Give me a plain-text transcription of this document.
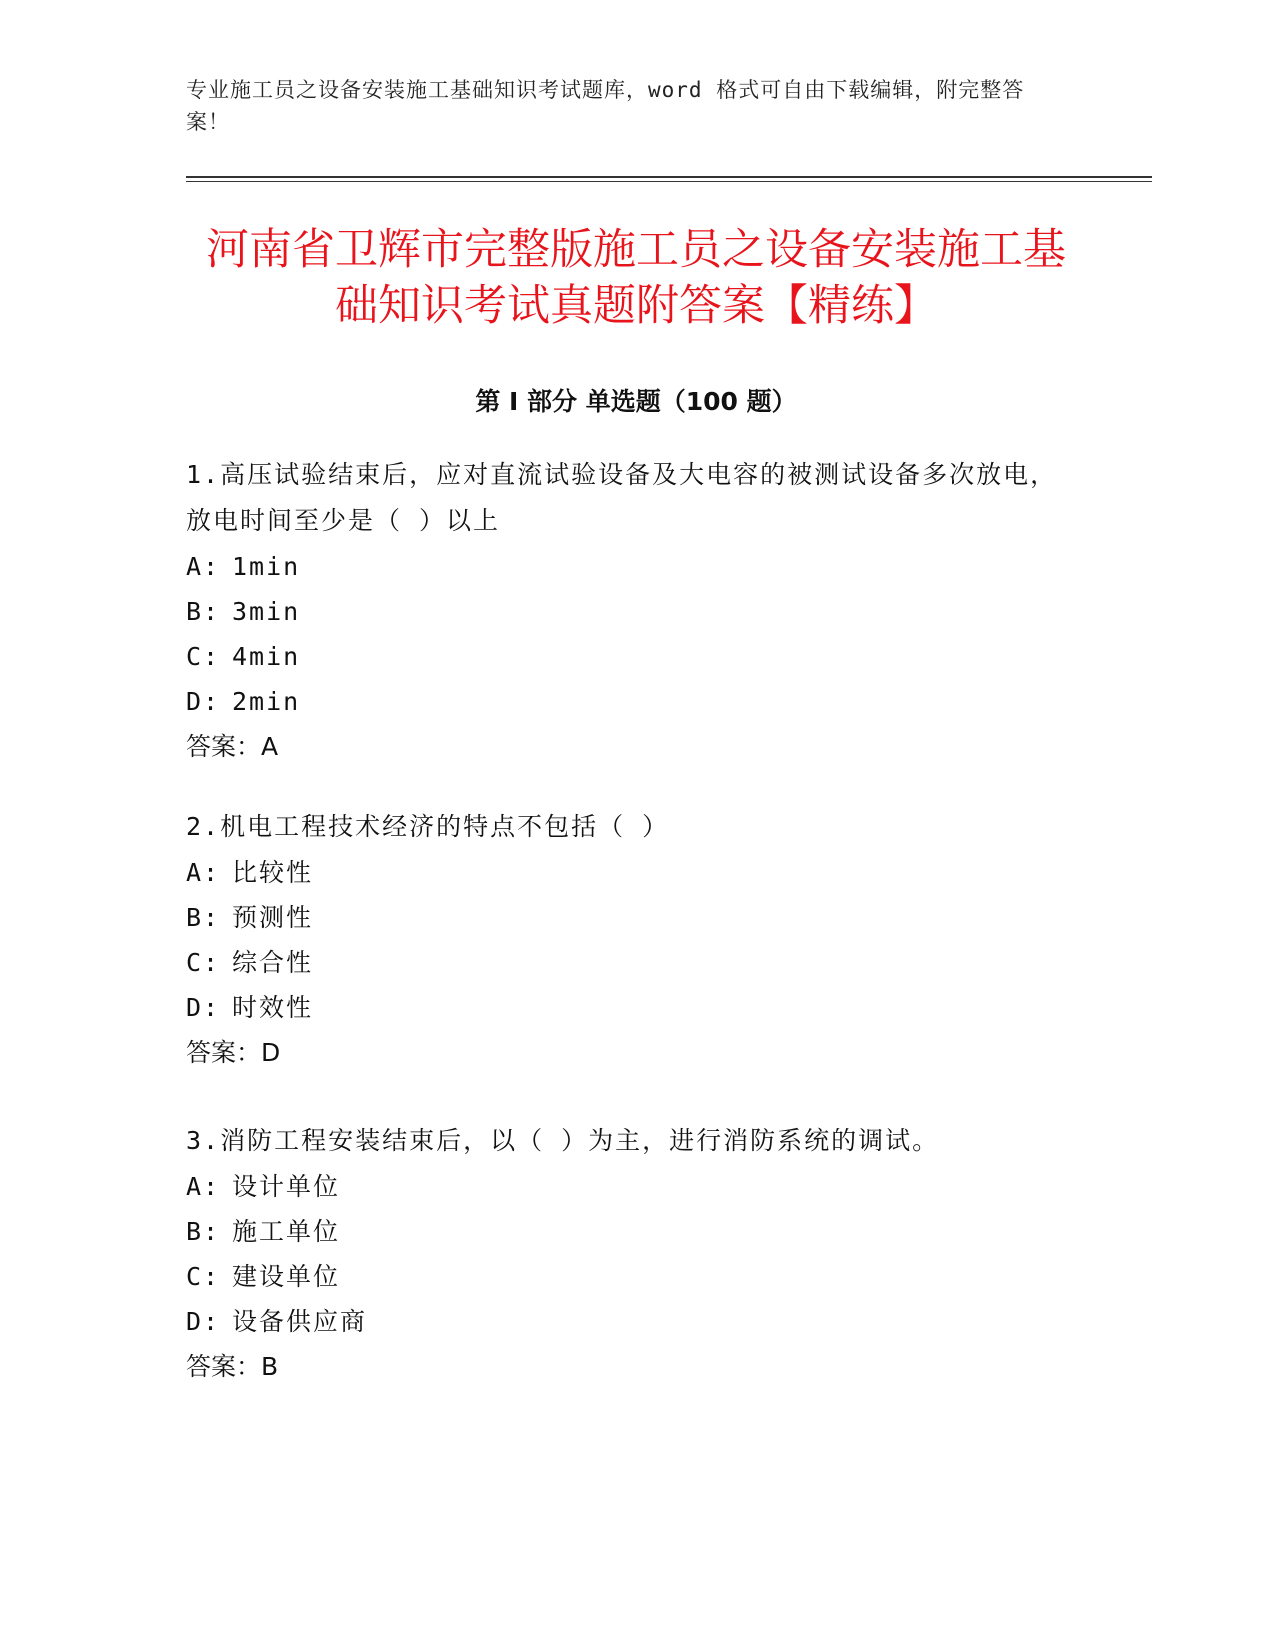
专业施工员之设备安装施工基础知识考试题库，word 格式可自由下载编辑，附完整答案！
河南省卫辉市完整版施工员之设备安装施工基础知识考试真题附答案【精练】
第 I 部分 单选题（100 题）

1.高压试验结束后，应对直流试验设备及大电容的被测试设备多次放电，放电时间至少是（ ）以上

A: 1min

B: 3min

C: 4min

D: 2min

答案：A

2.机电工程技术经济的特点不包括（ ）

A: 比较性

B: 预测性

C: 综合性

D: 时效性

答案：D

3.消防工程安装结束后，以（ ）为主，进行消防系统的调试。

A: 设计单位

B: 施工单位

C: 建设单位

D: 设备供应商

答案：B
